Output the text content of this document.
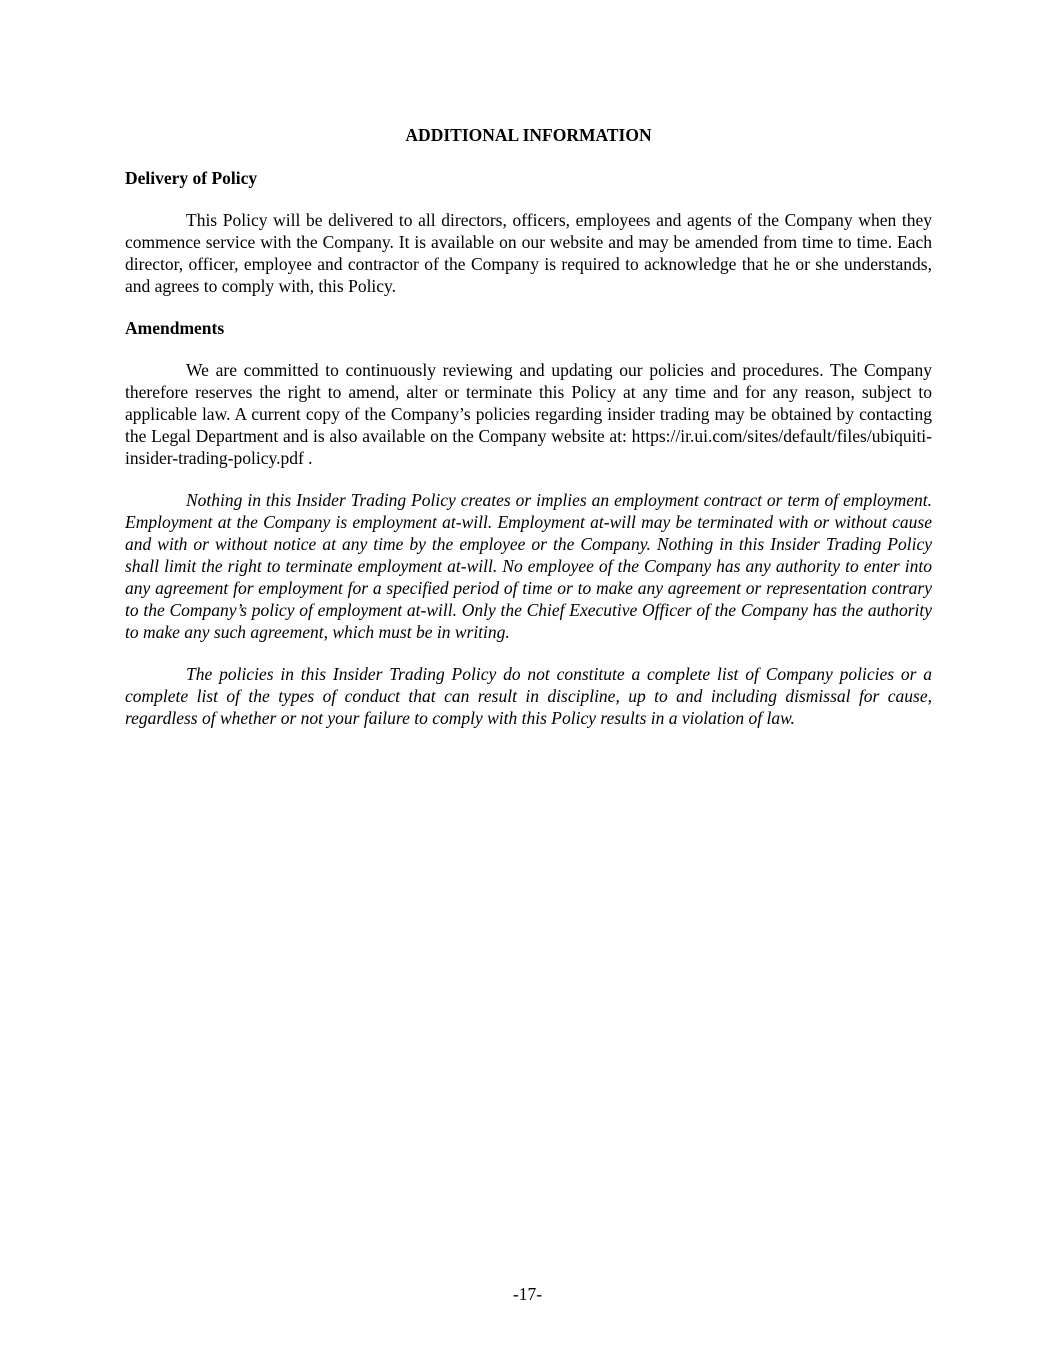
ADDITIONAL INFORMATION
Delivery of Policy

This Policy will be delivered to all directors, officers, employees and agents of the Company when they commence service with the Company. It is available on our website and may be amended from time to time. Each director, officer, employee and contractor of the Company is required to acknowledge that he or she understands, and agrees to comply with, this Policy.

Amendments

We are committed to continuously reviewing and updating our policies and procedures. The Company therefore reserves the right to amend, alter or terminate this Policy at any time and for any reason, subject to applicable law. A current copy of the Company’s policies regarding insider trading may be obtained by contacting the Legal Department and is also available on the Company website at: https://ir.ui.com/sites/default/files/ubiquiti-insider-trading-policy.pdf .

Nothing in this Insider Trading Policy creates or implies an employment contract or term of employment. Employment at the Company is employment at-will. Employment at-will may be terminated with or without cause and with or without notice at any time by the employee or the Company. Nothing in this Insider Trading Policy shall limit the right to terminate employment at-will. No employee of the Company has any authority to enter into any agreement for employment for a specified period of time or to make any agreement or representation contrary to the Company’s policy of employment at-will. Only the Chief Executive Officer of the Company has the authority to make any such agreement, which must be in writing.

The policies in this Insider Trading Policy do not constitute a complete list of Company policies or a complete list of the types of conduct that can result in discipline, up to and including dismissal for cause, regardless of whether or not your failure to comply with this Policy results in a violation of law.

-17-
